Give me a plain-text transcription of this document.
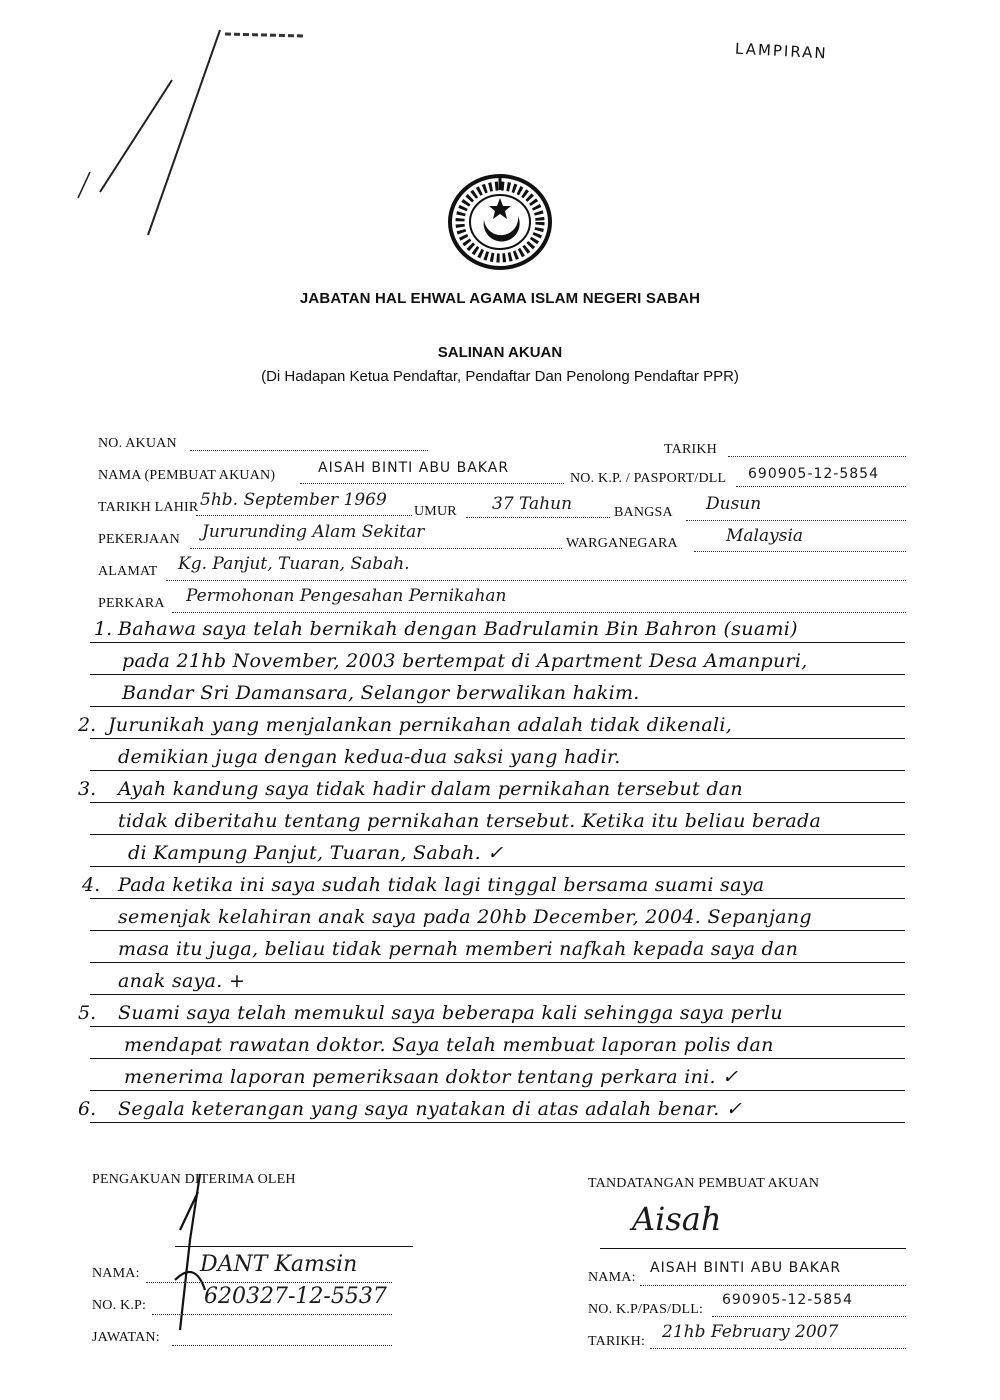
LAMPIRAN
JABATAN HAL EHWAL AGAMA ISLAM NEGERI SABAH
SALINAN AKUAN
(Di Hadapan Ketua Pendaftar, Pendaftar Dan Penolong Pendaftar PPR)
NO. AKUAN	TARIKH
NAMA (PEMBUAT AKUAN)	AISAH BINTI ABU BAKAR
NO. K.P. / PASPORT/DLL 690905-12-5854
TARIKH LAHIR 5hb. September 1969
UMUR 37 Tahun	BANGSA Dusun
PEKERJAAN Jururunding Alam Sekitar
WARGANEGARA	Malaysia
ALAMAT Kg. Panjut, Tuaran, Sabah.
PERKARA Permohonan Pengesahan Pernikahan
1. Bahawa saya telah bernikah dengan Badrulamin Bin Bahron (suami)
pada 21hb November, 2003 bertempat di Apartment Desa Amanpuri,
Bandar Sri Damansara, Selangor berwalikan hakim.
2. Jurunikah yang menjalankan pernikahan adalah tidak dikenali,
demikian juga dengan kedua-dua saksi yang hadir.
3. Ayah kandung saya tidak hadir dalam pernikahan tersebut dan
tidak diberitahu tentang pernikahan tersebut. Ketika itu beliau berada
di Kampung Panjut, Tuaran, Sabah. ✓
4. Pada ketika ini saya sudah tidak lagi tinggal bersama suami saya
semenjak kelahiran anak saya pada 20hb December, 2004. Sepanjang
masa itu juga, beliau tidak pernah memberi nafkah kepada saya dan
anak saya. +
5. Suami saya telah memukul saya beberapa kali sehingga saya perlu
mendapat rawatan doktor. Saya telah membuat laporan polis dan
menerima laporan pemeriksaan doktor tentang perkara ini. ✓
6. Segala keterangan yang saya nyatakan di atas adalah benar. ✓
PENGAKUAN DITERIMA OLEH
NAMA:	DANT Kamsin
NO. K.P:	620327-12-5537
JAWATAN:
TANDATANGAN PEMBUAT AKUAN
Aisah
NAMA:
AISAH BINTI ABU BAKAR
NO. K.P/PAS/DLL:
690905-12-5854
TARIKH: 21hb February 2007
